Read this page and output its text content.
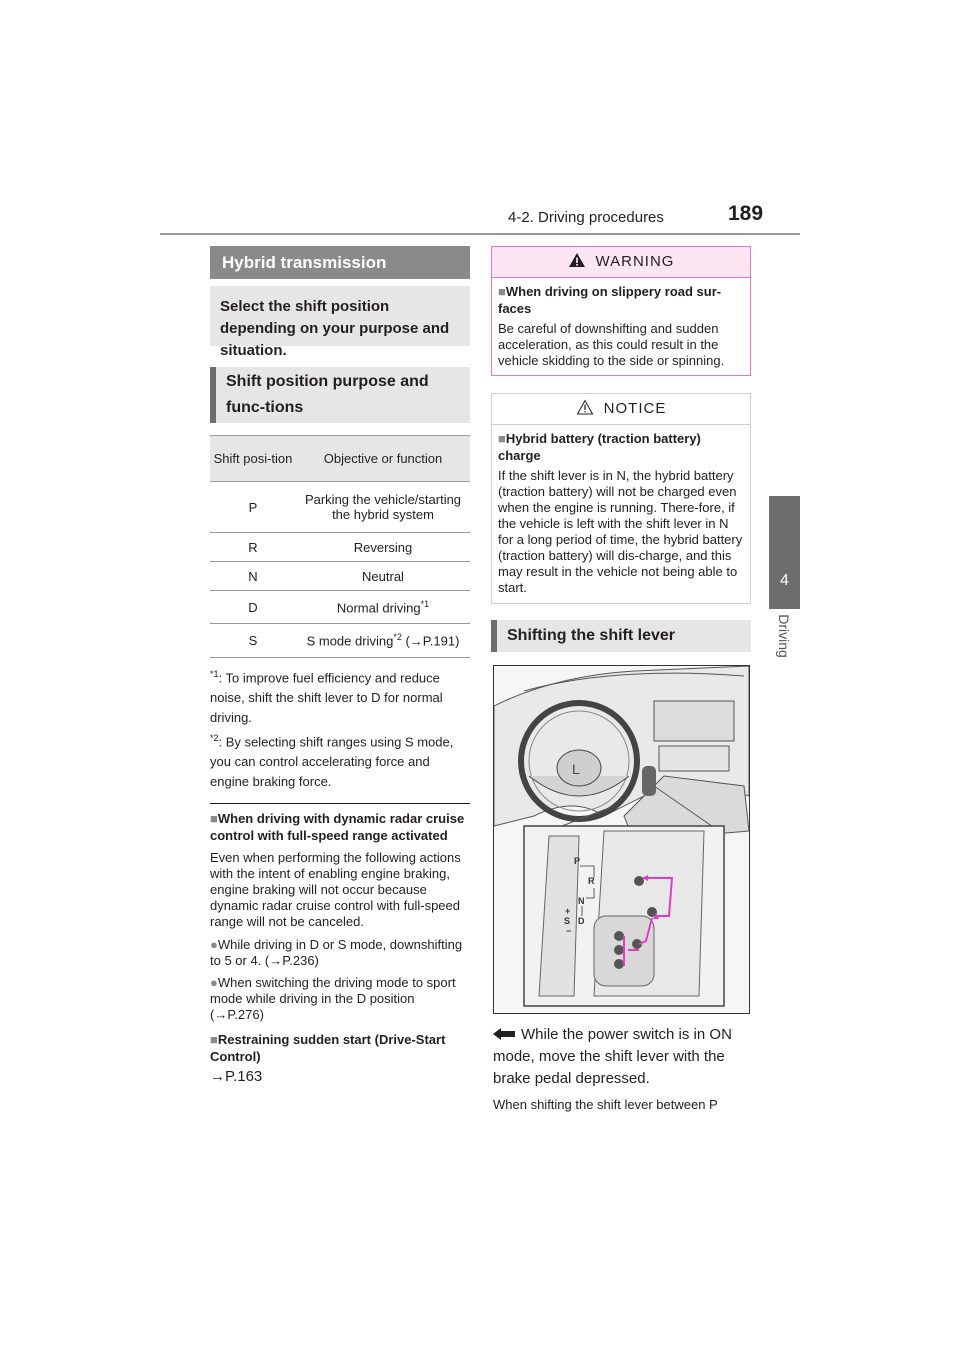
4-2. Driving procedures	189
4
Driving
Hybrid transmission
Select the shift position depending on your purpose and situation.
Shift position purpose and func-tions
Shift posi-tion	Objective or function
P	Parking the vehicle/starting the hybrid system
R	Reversing
N	Neutral
D	Normal driving$^{*1}$
S	S mode driving$^{*2}$ (→P.191)
$^{*1}$: To improve fuel efficiency and reduce noise, shift the shift lever to D for normal driving.
$^{*2}$: By selecting shift ranges using S mode, you can control accelerating force and engine braking force.
■When driving with dynamic radar cruise control with full-speed range activated
Even when performing the following actions with the intent of enabling engine braking, engine braking will not occur because dynamic radar cruise control with full-speed range will not be canceled.
●While driving in D or S mode, downshifting to 5 or 4. (→P.236)
●When switching the driving mode to sport mode while driving in the D position (→P.276)
■Restraining sudden start (Drive-Start Control)
→P.163
WARNING
■When driving on slippery road sur-faces
Be careful of downshifting and sudden acceleration, as this could result in the vehicle skidding to the side or spinning.
NOTICE
■Hybrid battery (traction battery) charge
If the shift lever is in N, the hybrid battery (traction battery) will not be charged even when the engine is running. There-fore, if the vehicle is left with the shift lever in N for a long period of time, the hybrid battery (traction battery) will dis-charge, and this may result in the vehicle not being able to start.
Shifting the shift lever
L
P
R
N
D
S
+
−
While the power switch is in ON mode, move the shift lever with the brake pedal depressed.
When shifting the shift lever between P
